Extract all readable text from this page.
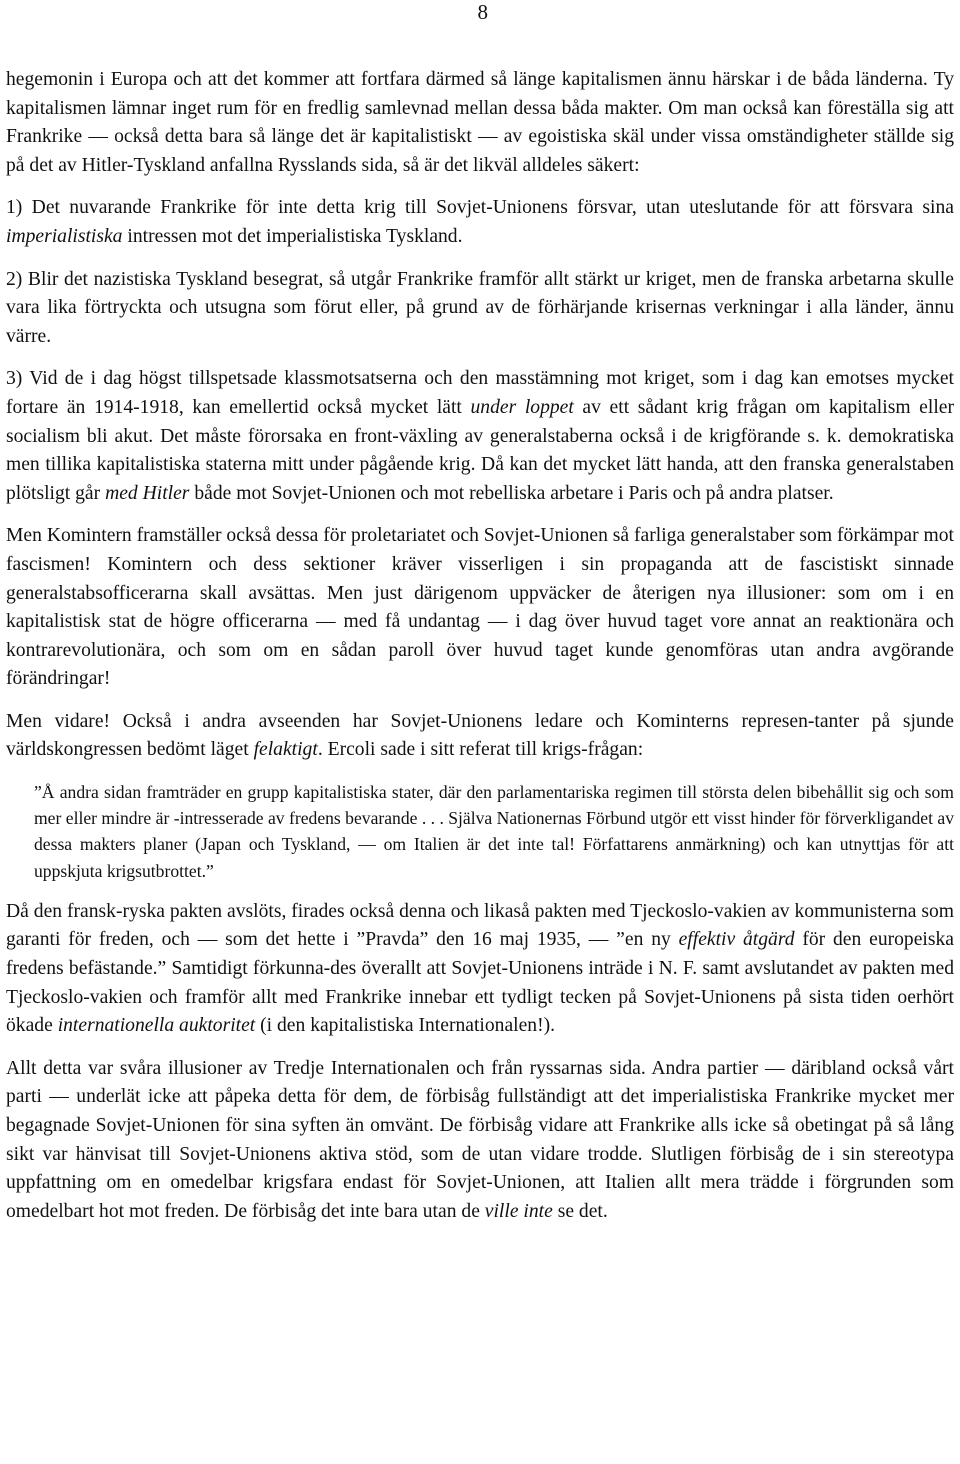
8

hegemonin i Europa och att det kommer att fortfara därmed så länge kapitalismen ännu härskar i de båda länderna. Ty kapitalismen lämnar inget rum för en fredlig samlevnad mellan dessa båda makter. Om man också kan föreställa sig att Frankrike — också detta bara så länge det är kapitalistiskt — av egoistiska skäl under vissa omständigheter ställde sig på det av Hitler-Tyskland anfallna Rysslands sida, så är det likväl alldeles säkert:

1) Det nuvarande Frankrike för inte detta krig till Sovjet-Unionens försvar, utan uteslutande för att försvara sina imperialistiska intressen mot det imperialistiska Tyskland.

2) Blir det nazistiska Tyskland besegrat, så utgår Frankrike framför allt stärkt ur kriget, men de franska arbetarna skulle vara lika förtryckta och utsugna som förut eller, på grund av de förhärjande krisernas verkningar i alla länder, ännu värre.

3) Vid de i dag högst tillspetsade klassmotsatserna och den masstämning mot kriget, som i dag kan emotses mycket fortare än 1914-1918, kan emellertid också mycket lätt under loppet av ett sådant krig frågan om kapitalism eller socialism bli akut. Det måste förorsaka en front-växling av generalstaberna också i de krigförande s. k. demokratiska men tillika kapitalistiska staterna mitt under pågående krig. Då kan det mycket lätt handa, att den franska generalstaben plötsligt går med Hitler både mot Sovjet-Unionen och mot rebelliska arbetare i Paris och på andra platser.

Men Komintern framställer också dessa för proletariatet och Sovjet-Unionen så farliga generalstaber som förkämpar mot fascismen! Komintern och dess sektioner kräver visserligen i sin propaganda att de fascistiskt sinnade generalstabsofficerarna skall avsättas. Men just därigenom uppväcker de återigen nya illusioner: som om i en kapitalistisk stat de högre officerarna — med få undantag — i dag över huvud taget vore annat an reaktionära och kontrarevolutionära, och som om en sådan paroll över huvud taget kunde genomföras utan andra avgörande förändringar!

Men vidare! Också i andra avseenden har Sovjet-Unionens ledare och Kominterns represen-tanter på sjunde världskongressen bedömt läget felaktigt. Ercoli sade i sitt referat till krigs-frågan:

”Å andra sidan framträder en grupp kapitalistiska stater, där den parlamentariska regimen till största delen bibehållit sig och som mer eller mindre är -intresserade av fredens bevarande . . . Själva Nationernas Förbund utgör ett visst hinder för förverkligandet av dessa makters planer (Japan och Tyskland, — om Italien är det inte tal! Författarens anmärkning) och kan utnyttjas för att uppskjuta krigsutbrottet.”

Då den fransk-ryska pakten avslöts, firades också denna och likaså pakten med Tjeckoslo-vakien av kommunisterna som garanti för freden, och — som det hette i ”Pravda” den 16 maj 1935, — ”en ny effektiv åtgärd för den europeiska fredens befästande.” Samtidigt förkunna-des överallt att Sovjet-Unionens inträde i N. F. samt avslutandet av pakten med Tjeckoslo-vakien och framför allt med Frankrike innebar ett tydligt tecken på Sovjet-Unionens på sista tiden oerhört ökade internationella auktoritet (i den kapitalistiska Internationalen!).

Allt detta var svåra illusioner av Tredje Internationalen och från ryssarnas sida. Andra partier — däribland också vårt parti — underlät icke att påpeka detta för dem, de förbisåg fullständigt att det imperialistiska Frankrike mycket mer begagnade Sovjet-Unionen för sina syften än omvänt. De förbisåg vidare att Frankrike alls icke så obetingat på så lång sikt var hänvisat till Sovjet-Unionens aktiva stöd, som de utan vidare trodde. Slutligen förbisåg de i sin stereotypa uppfattning om en omedelbar krigsfara endast för Sovjet-Unionen, att Italien allt mera trädde i förgrunden som omedelbart hot mot freden. De förbisåg det inte bara utan de ville inte se det.
